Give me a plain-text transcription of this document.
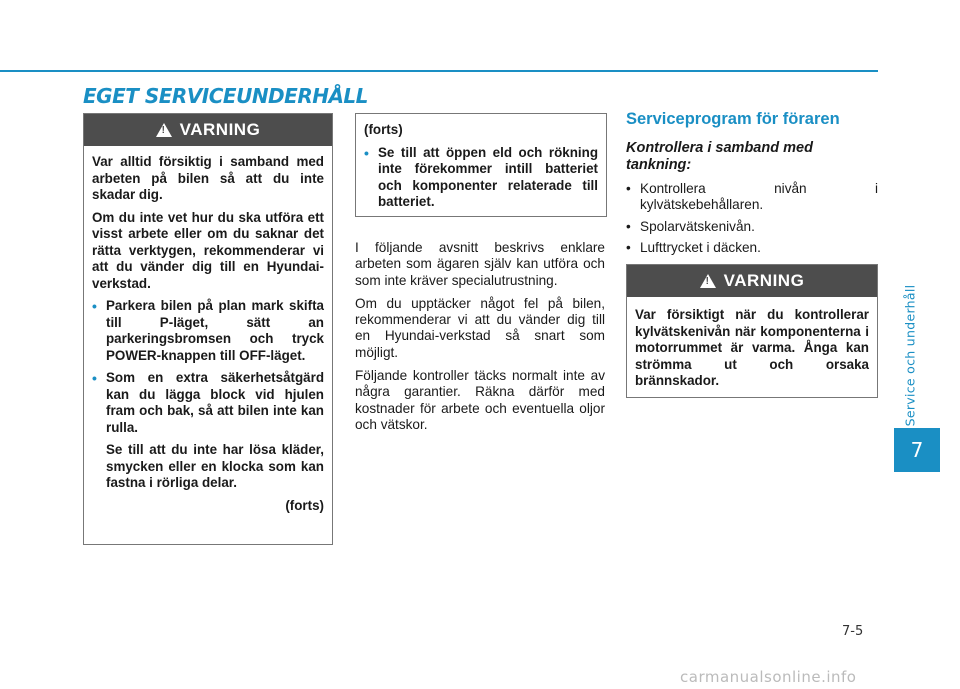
EGET SERVICEUNDERHÅLL
!
VARNING

Var alltid försiktig i samband med arbeten på bilen så att du inte skadar dig.

Om du inte vet hur du ska utföra ett visst arbete eller om du saknar det rätta verktygen, rekommenderar vi att du vänder dig till en Hyundai-verkstad.

• Parkera bilen på plan mark skifta till P-läget, sätt an parkeringsbromsen och tryck POWER-knappen till OFF-läget.
• Som en extra säkerhetsåtgärd kan du lägga block vid hjulen fram och bak, så att bilen inte kan rulla.
Se till att du inte har lösa kläder, smycken eller en klocka som kan fastna i rörliga delar.
(forts)

(forts)

• Se till att öppen eld och rökning inte förekommer intill batteriet och komponenter relaterade till batteriet.

I följande avsnitt beskrivs enklare arbeten som ägaren själv kan utföra och som inte kräver specialutrustning.

Om du upptäcker något fel på bilen, rekommenderar vi att du vänder dig till en Hyundai-verkstad så snart som möjligt.

Följande kontroller täcks normalt inte av några garantier. Räkna därför med kostnader för arbete och eventuella oljor och vätskor.

Serviceprogram för föraren
Kontrollera i samband med tankning:
• Kontrollera nivån i
kylvätskebehållaren.
• Spolarvätskenivån.
• Lufttrycket i däcken.
!
VARNING

Var försiktigt när du kontrollerar kylvätskenivån när komponenterna i motorrummet är varma. Ånga kan strömma ut och orsaka brännskador.	Service och underhåll
7
7-5
carmanualsonline.info
